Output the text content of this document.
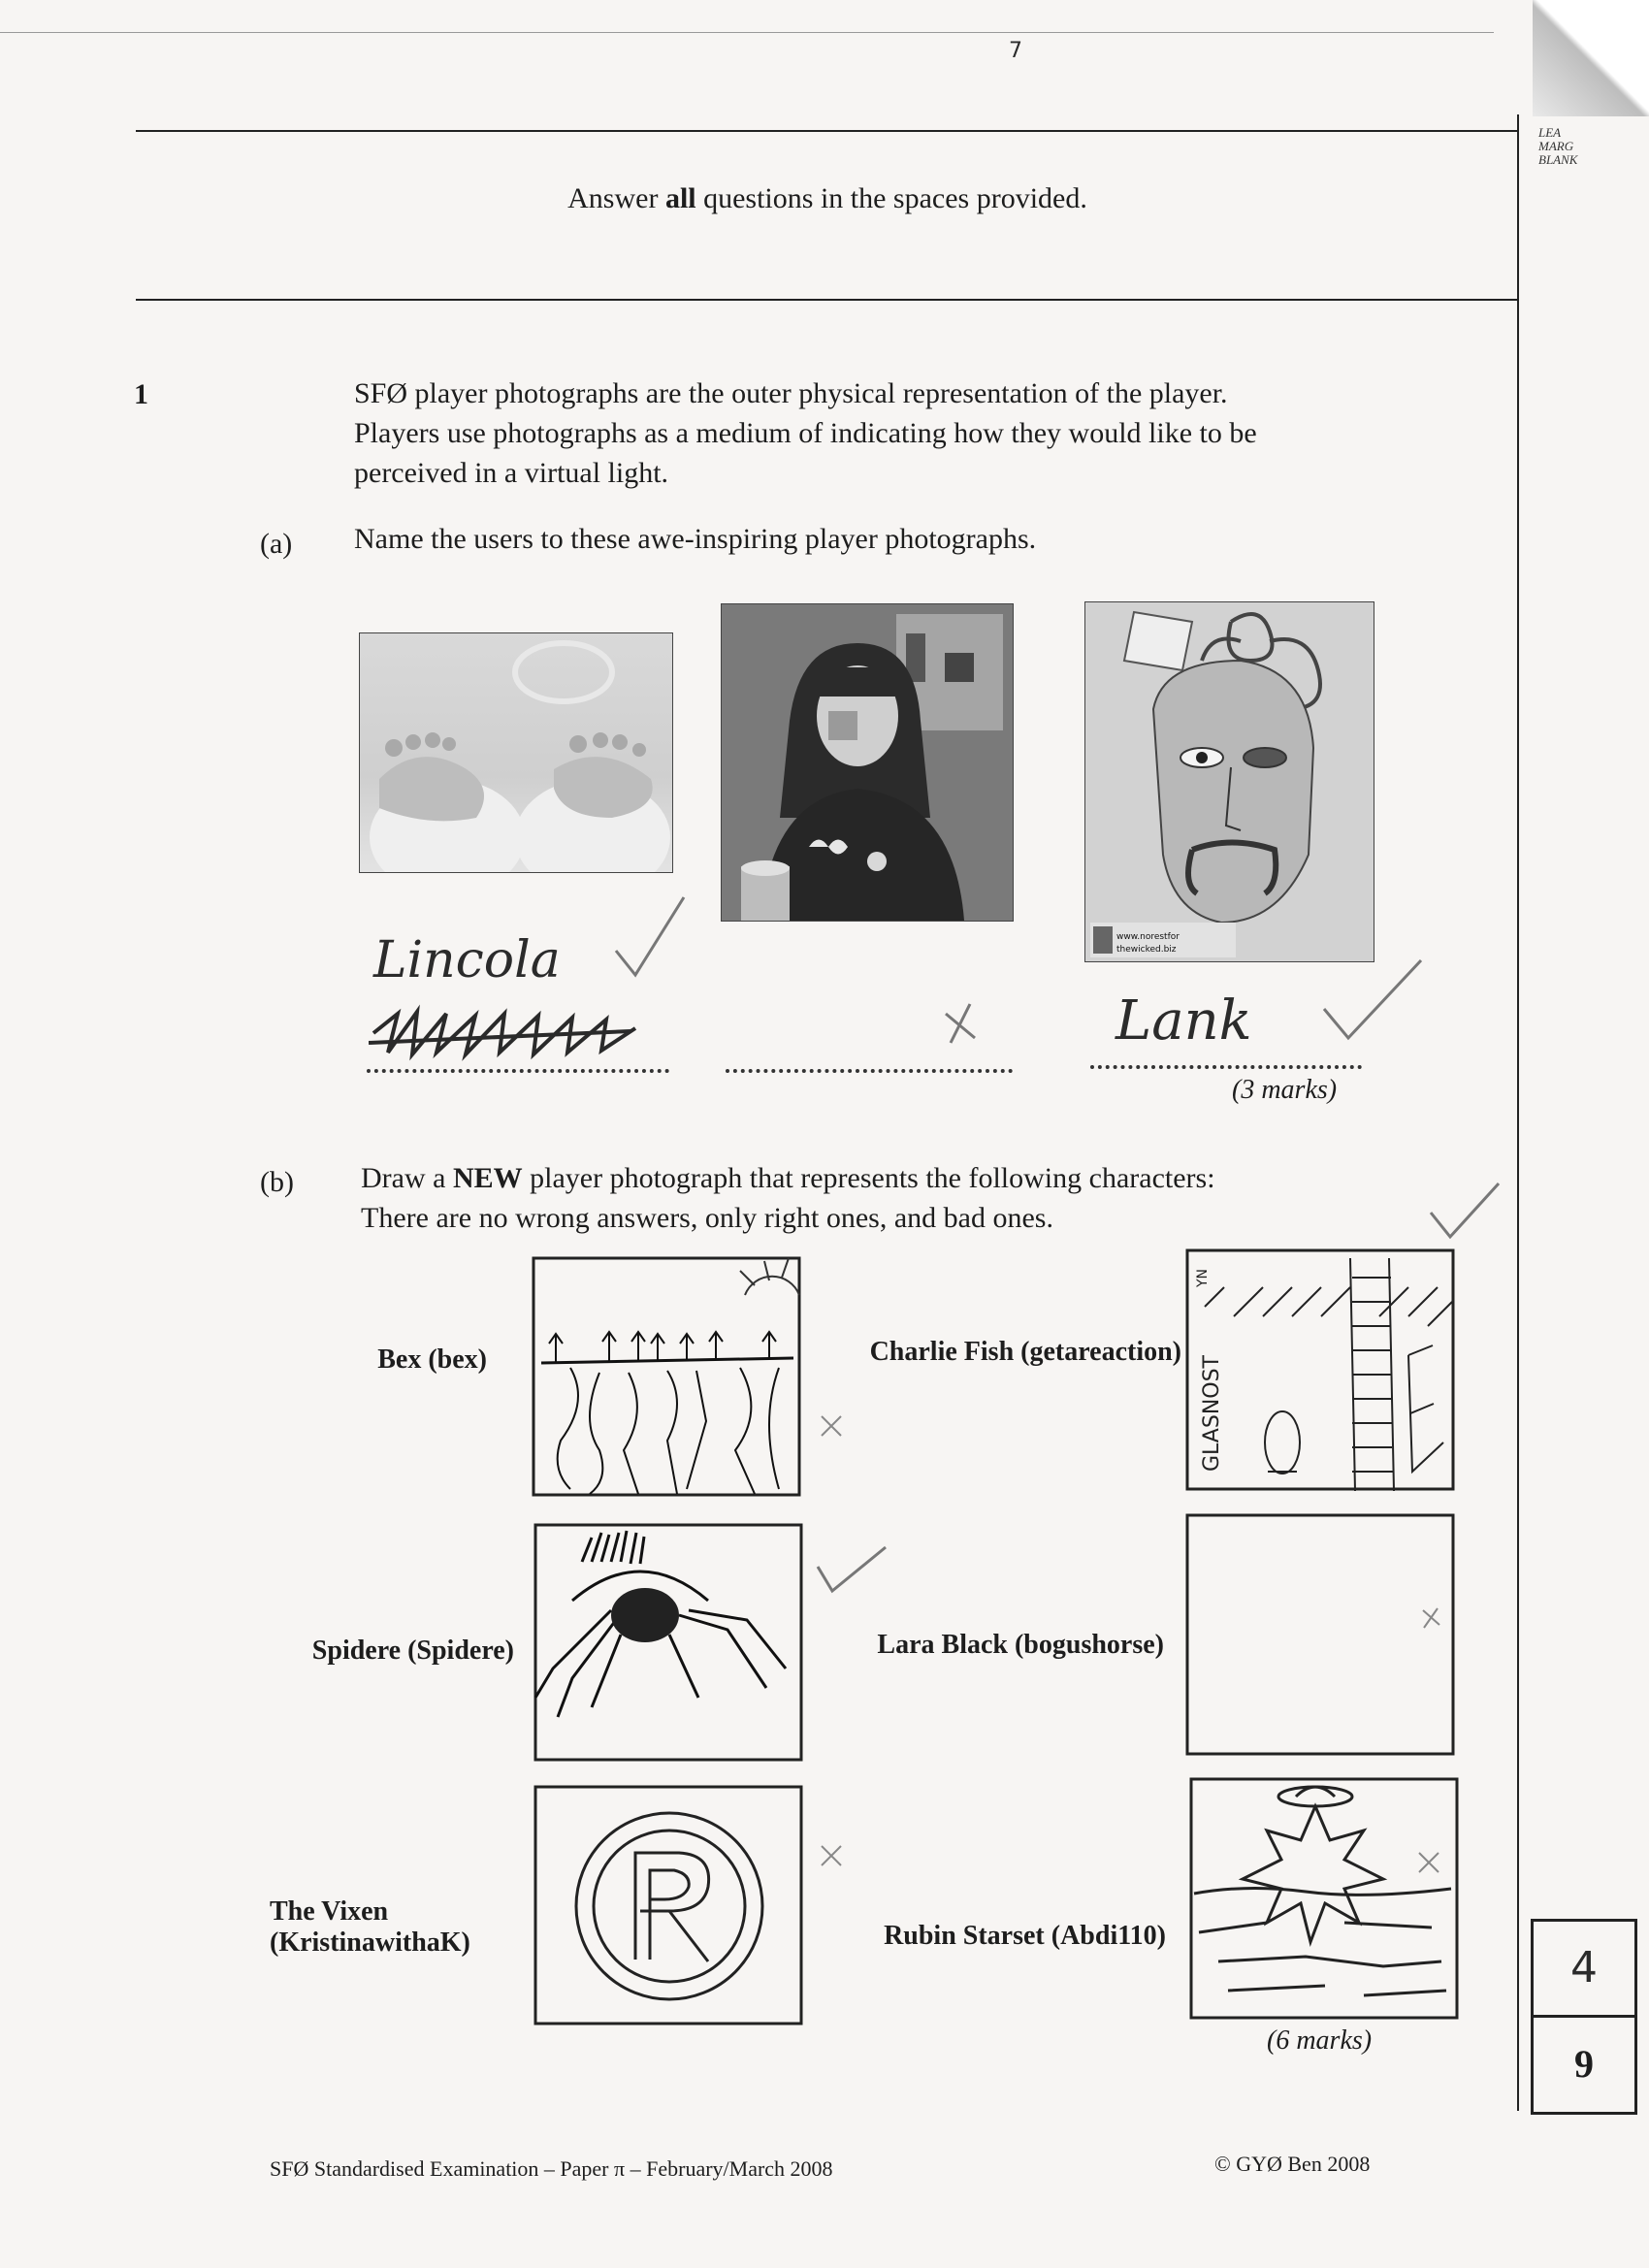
7
LEA
MARG
BLANK
Answer all questions in the spaces provided.
1	SFØ player photographs are the outer physical representation of the player.
Players use photographs as a medium of indicating how they would like to be
perceived in a virtual light.
(a) Name the users to these awe-inspiring player photographs.
www.norestfor
thewicked.biz
Lincola
Lank
(3 marks)
(b) Draw a NEW player photograph that represents the following characters:
There are no wrong answers, only right ones, and bad ones.
Bex (bex)	Charlie Fish (getareaction)
Spidere (Spidere)	Lara Black (bogushorse)
The Vixen
(KristinawithaK)	Rubin Starset (Abdi110)
GLASNOST
YN
(6 marks)
4
9
SFØ Standardised Examination – Paper π – February/March 2008	© GYØ Ben 2008
